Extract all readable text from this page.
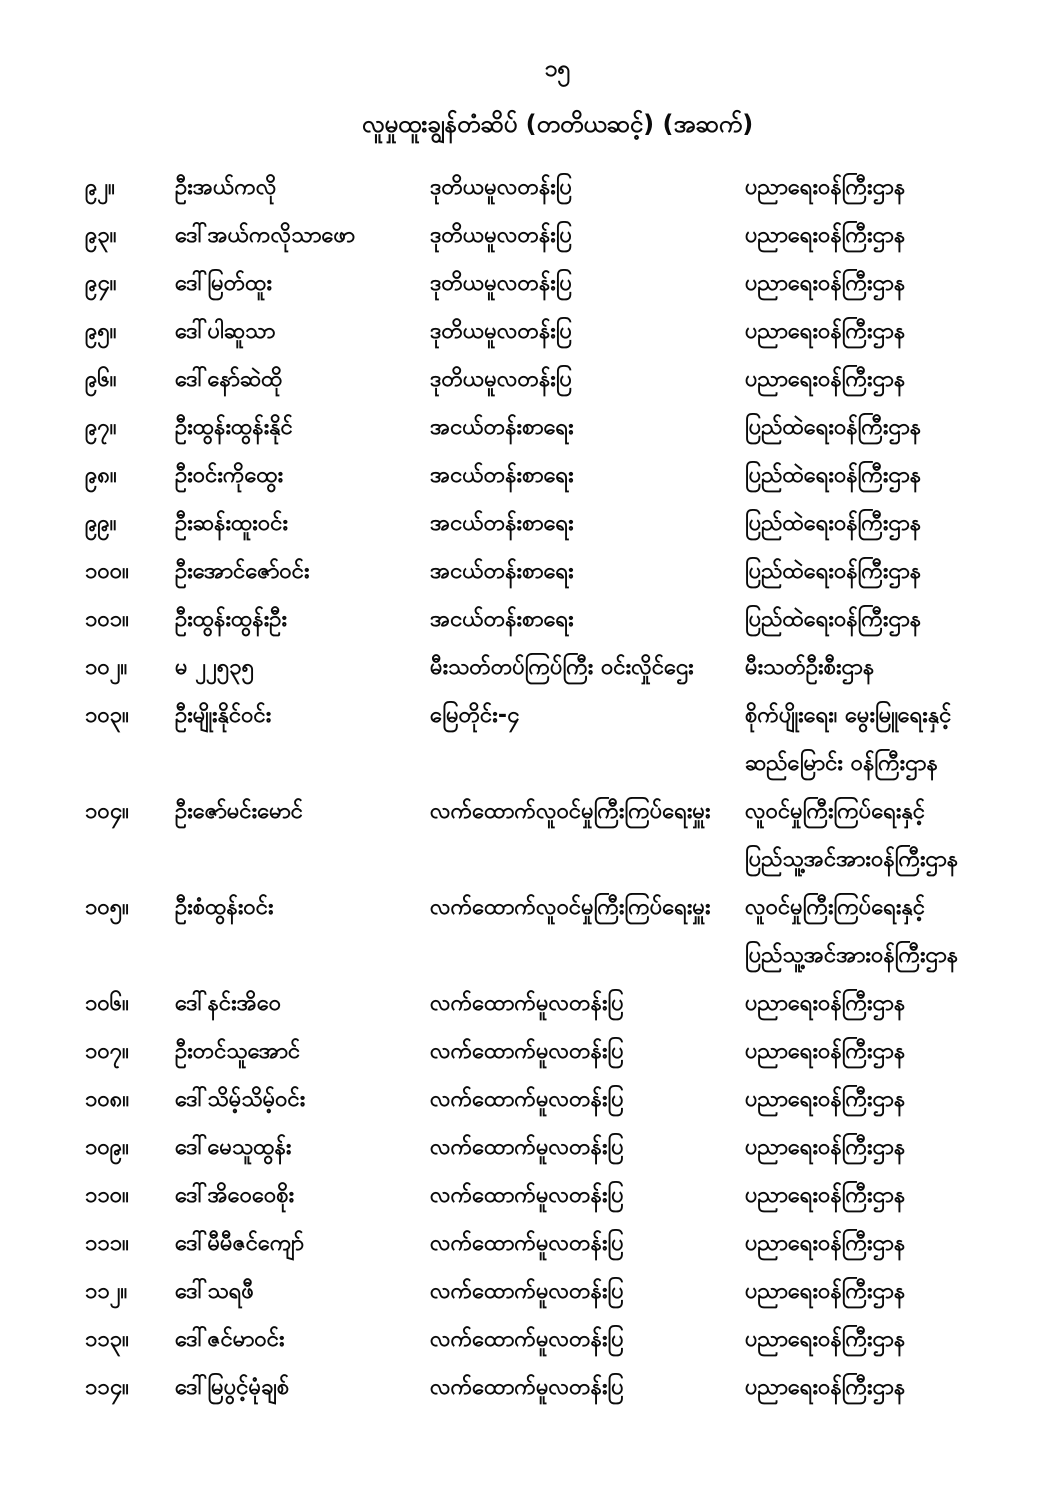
၁၅
လူမှုထူးချွန်တံဆိပ် (တတိယဆင့်) (အဆက်)
၉၂။	ဦးအယ်ကလို	ဒုတိယမူလတန်းပြ	ပညာရေးဝန်ကြီးဌာန
၉၃။	ဒေါ်အယ်ကလိုသာဖော	ဒုတိယမူလတန်းပြ	ပညာရေးဝန်ကြီးဌာန
၉၄။	ဒေါ်မြတ်ထူး	ဒုတိယမူလတန်းပြ	ပညာရေးဝန်ကြီးဌာန
၉၅။	ဒေါ်ပါဆူသာ	ဒုတိယမူလတန်းပြ	ပညာရေးဝန်ကြီးဌာန
၉၆။	ဒေါ်နော်ဆဲထို	ဒုတိယမူလတန်းပြ	ပညာရေးဝန်ကြီးဌာန
၉၇။	ဦးထွန်းထွန်းနိုင်	အငယ်တန်းစာရေး	ပြည်ထဲရေးဝန်ကြီးဌာန
၉၈။	ဦးဝင်းကိုထွေး	အငယ်တန်းစာရေး	ပြည်ထဲရေးဝန်ကြီးဌာန
၉၉။	ဦးဆန်းထူးဝင်း	အငယ်တန်းစာရေး	ပြည်ထဲရေးဝန်ကြီးဌာန
၁၀၀။	ဦးအောင်ဇော်ဝင်း	အငယ်တန်းစာရေး	ပြည်ထဲရေးဝန်ကြီးဌာန
၁၀၁။	ဦးထွန်းထွန်းဦး	အငယ်တန်းစာရေး	ပြည်ထဲရေးဝန်ကြီးဌာန
၁၀၂။	မ ၂၂၅၃၅	မီးသတ်တပ်ကြပ်ကြီး ဝင်းလှိုင်ဌေး	မီးသတ်ဦးစီးဌာန
၁၀၃။	ဦးမျိုးနိုင်ဝင်း	မြေတိုင်း-၄	စိုက်ပျိုးရေး၊ မွေးမြူရေးနှင့်
ဆည်မြောင်း ဝန်ကြီးဌာန
၁၀၄။	ဦးဇော်မင်းမောင်	လက်ထောက်လူဝင်မှုကြီးကြပ်ရေးမှူး	လူဝင်မှုကြီးကြပ်ရေးနှင့်
ပြည်သူ့အင်အားဝန်ကြီးဌာန
၁၀၅။	ဦးစံထွန်းဝင်း	လက်ထောက်လူဝင်မှုကြီးကြပ်ရေးမှူး	လူဝင်မှုကြီးကြပ်ရေးနှင့်
ပြည်သူ့အင်အားဝန်ကြီးဌာန
၁၀၆။	ဒေါ်နင်းအိဝေ	လက်ထောက်မူလတန်းပြ	ပညာရေးဝန်ကြီးဌာန
၁၀၇။	ဦးတင်သူအောင်	လက်ထောက်မူလတန်းပြ	ပညာရေးဝန်ကြီးဌာန
၁၀၈။	ဒေါ်သိမ့်သိမ့်ဝင်း	လက်ထောက်မူလတန်းပြ	ပညာရေးဝန်ကြီးဌာန
၁၀၉။	ဒေါ်မေသူထွန်း	လက်ထောက်မူလတန်းပြ	ပညာရေးဝန်ကြီးဌာန
၁၁၀။	ဒေါ်အိဝေဝေစိုး	လက်ထောက်မူလတန်းပြ	ပညာရေးဝန်ကြီးဌာန
၁၁၁။	ဒေါ်မီမီဇင်ကျော်	လက်ထောက်မူလတန်းပြ	ပညာရေးဝန်ကြီးဌာန
၁၁၂။	ဒေါ်သရဖီ	လက်ထောက်မူလတန်းပြ	ပညာရေးဝန်ကြီးဌာန
၁၁၃။	ဒေါ်ဇင်မာဝင်း	လက်ထောက်မူလတန်းပြ	ပညာရေးဝန်ကြီးဌာန
၁၁၄။	ဒေါ်မြပွင့်မုံချစ်	လက်ထောက်မူလတန်းပြ	ပညာရေးဝန်ကြီးဌာန
